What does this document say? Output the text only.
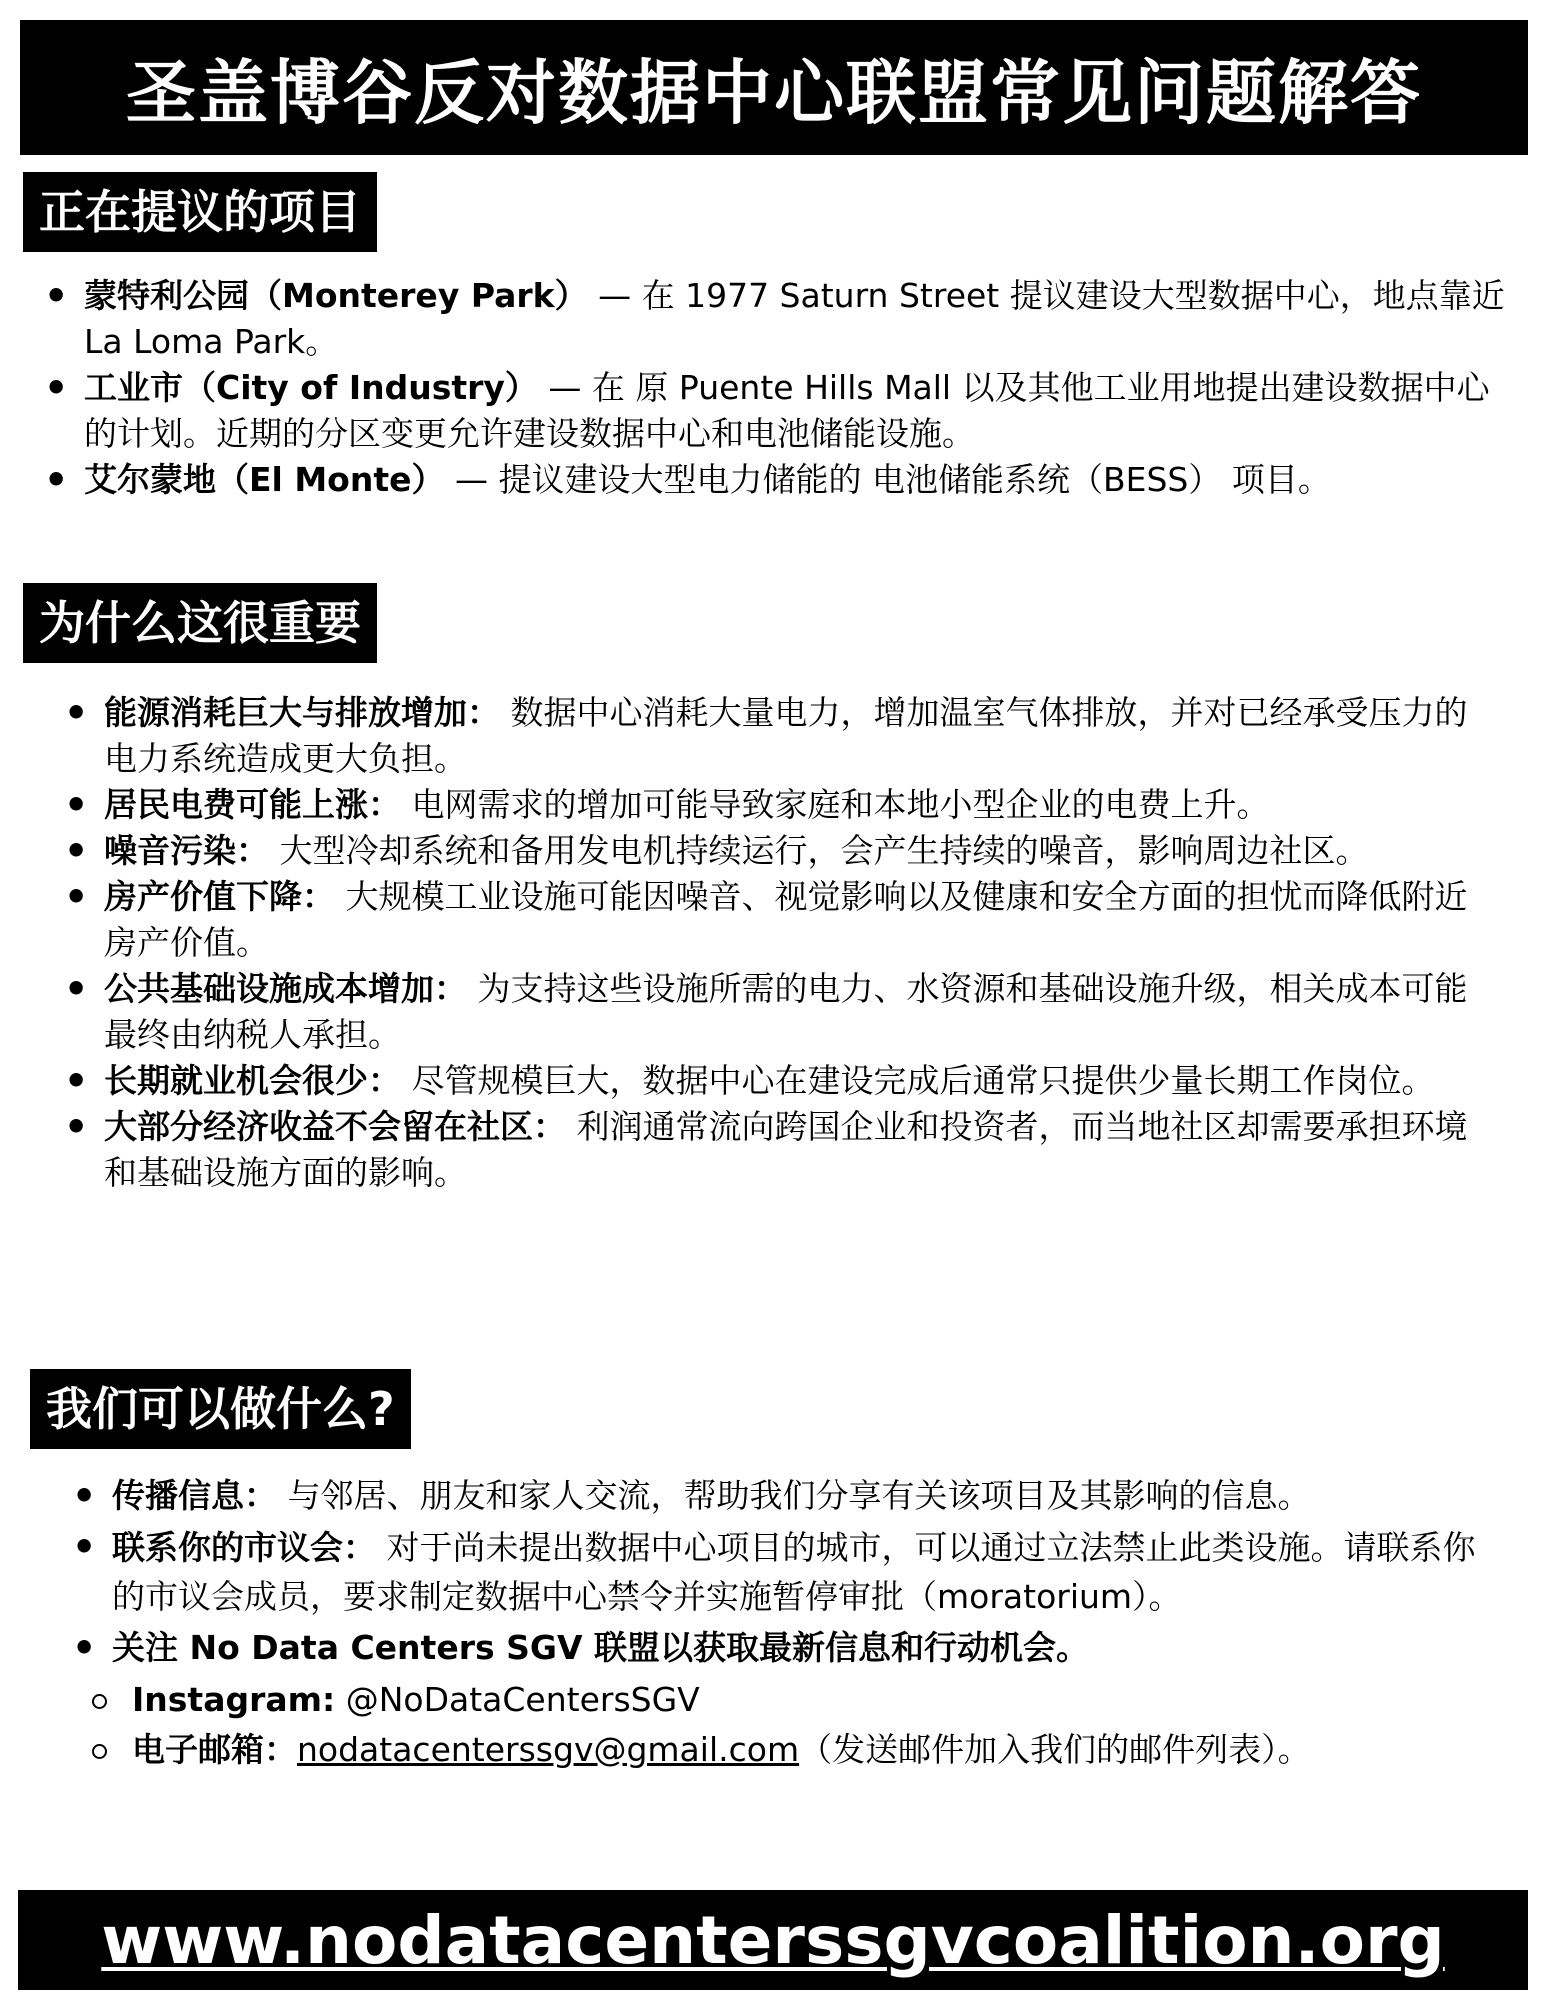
圣盖博谷反对数据中心联盟常见问题解答
正在提议的项目
• 蒙特利公园（Monterey Park） — 在 1977 Saturn Street 提议建设大型数据中心，地点靠近 La Loma Park。
• 工业市（City of Industry） — 在 原 Puente Hills Mall 以及其他工业用地提出建设数据中心的计划。近期的分区变更允许建设数据中心和电池储能设施。
• 艾尔蒙地（El Monte） — 提议建设大型电力储能的 电池储能系统（BESS） 项目。
为什么这很重要
• 能源消耗巨大与排放增加： 数据中心消耗大量电力，增加温室气体排放，并对已经承受压力的电力系统造成更大负担。
• 居民电费可能上涨： 电网需求的增加可能导致家庭和本地小型企业的电费上升。
• 噪音污染： 大型冷却系统和备用发电机持续运行，会产生持续的噪音，影响周边社区。
• 房产价值下降： 大规模工业设施可能因噪音、视觉影响以及健康和安全方面的担忧而降低附近房产价值。
• 公共基础设施成本增加： 为支持这些设施所需的电力、水资源和基础设施升级，相关成本可能最终由纳税人承担。
• 长期就业机会很少： 尽管规模巨大，数据中心在建设完成后通常只提供少量长期工作岗位。
• 大部分经济收益不会留在社区： 利润通常流向跨国企业和投资者，而当地社区却需要承担环境和基础设施方面的影响。
我们可以做什么?
• 传播信息： 与邻居、朋友和家人交流，帮助我们分享有关该项目及其影响的信息。
• 联系你的市议会： 对于尚未提出数据中心项目的城市，可以通过立法禁止此类设施。请联系你的市议会成员，要求制定数据中心禁令并实施暂停审批（moratorium）。
• 关注 No Data Centers SGV 联盟以获取最新信息和行动机会。
Instagram: @NoDataCentersSGV
电子邮箱：nodatacenterssgv@gmail.com（发送邮件加入我们的邮件列表）。
www.nodatacenterssgvcoalition.org
